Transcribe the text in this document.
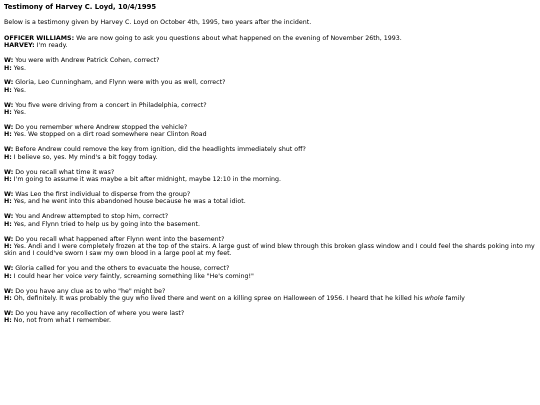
Testimony of Harvey C. Loyd, 10/4/1995
Below is a testimony given by Harvey C. Loyd on October 4th, 1995, two years after the incident.
OFFICER WILLIAMS: We are now going to ask you questions about what happened on the evening of November 26th, 1993.
HARVEY: I'm ready.
W: You were with Andrew Patrick Cohen, correct?
H: Yes.
W: Gloria, Leo Cunningham, and Flynn were with you as well, correct?
H: Yes.
W: You five were driving from a concert in Philadelphia, correct?
H: Yes.
W: Do you remember where Andrew stopped the vehicle?
H: Yes. We stopped on a dirt road somewhere near Clinton Road
W: Before Andrew could remove the key from ignition, did the headlights immediately shut off?
H: I believe so, yes. My mind's a bit foggy today.
W: Do you recall what time it was?
H: I'm going to assume it was maybe a bit after midnight, maybe 12:10 in the morning.
W: Was Leo the first individual to disperse from the group?
H: Yes, and he went into this abandoned house because he was a total idiot.
W: You and Andrew attempted to stop him, correct?
H: Yes, and Flynn tried to help us by going into the basement.
W: Do you recall what happened after Flynn went into the basement?
H: Yes. Andi and I were completely frozen at the top of the stairs. A large gust of wind blew through this broken glass window and I could feel the shards poking into my skin and I could've sworn I saw my own blood in a large pool at my feet.
W: Gloria called for you and the others to evacuate the house, correct?
H: I could hear her voice very faintly, screaming something like "He's coming!"
W: Do you have any clue as to who "he" might be?
H: Oh, definitely. It was probably the guy who lived there and went on a killing spree on Halloween of 1956. I heard that he killed his whole family
W: Do you have any recollection of where you were last?
H: No, not from what I remember.
